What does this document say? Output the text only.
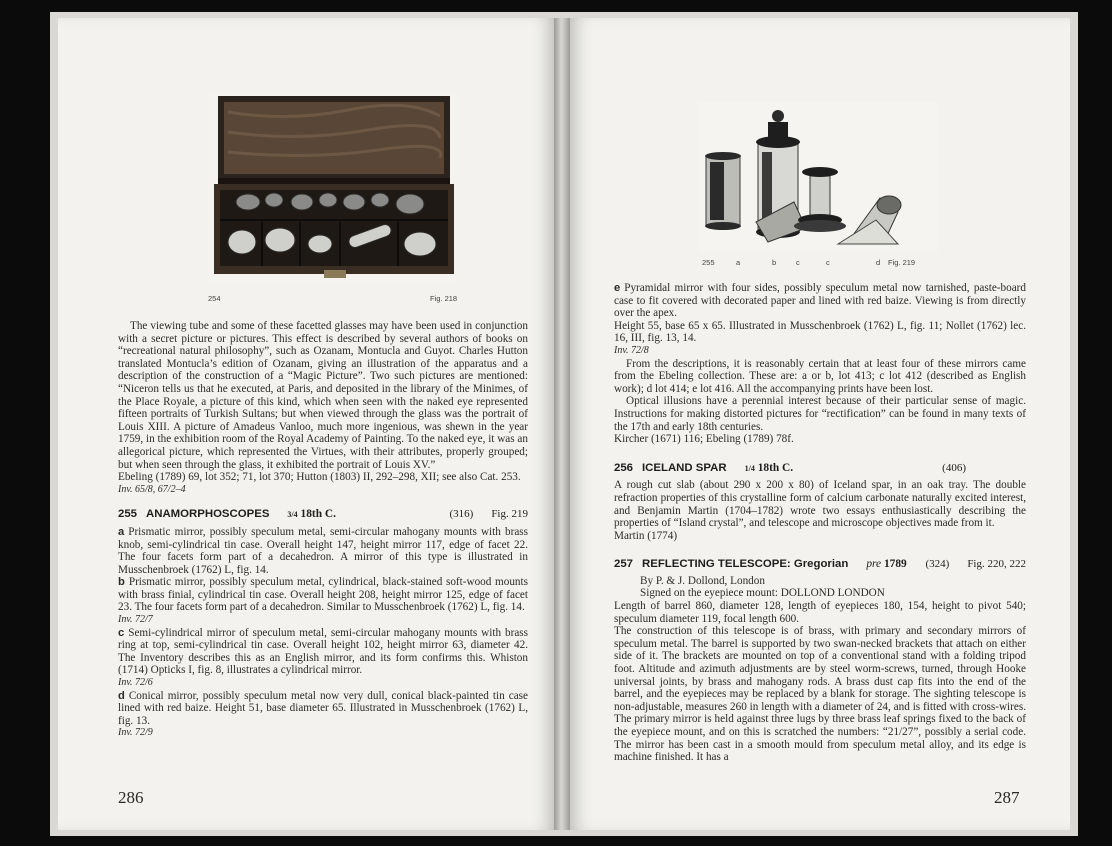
254	Fig. 218

The viewing tube and some of these facetted glasses may have been used in conjunction with a secret picture or pictures. This effect is described by several authors of books on “recreational natural philosophy”, such as Ozanam, Montucla and Guyot. Charles Hutton translated Montucla’s edition of Ozanam, giving an illustration of the apparatus and a description of the construction of a “Magic Picture”. Two such pictures are mentioned: “Niceron tells us that he executed, at Paris, and deposited in the library of the Minimes, of the Place Royale, a picture of this kind, which when seen with the naked eye represented fifteen portraits of Turkish Sultans; but when viewed through the glass was the portrait of Louis XIII. A picture of Amadeus Vanloo, much more ingenious, was shewn in the year 1759, in the exhibition room of the Royal Academy of Painting. To the naked eye, it was an allegorical picture, which represented the Virtues, with their attributes, properly grouped; but when seen through the glass, it exhibited the portrait of Louis XV.”

Ebeling (1789) 69, lot 352; 71, lot 370; Hutton (1803) II, 292–298, XII; see also Cat. 253.

Inv. 65/8, 67/2–4

255 ANAMORPHOSCOPES 3/4 18th C.	(316) Fig. 219

a Prismatic mirror, possibly speculum metal, semi-circular mahogany mounts with brass knob, semi-cylindrical tin case. Overall height 147, height mirror 117, edge of facet 22. The four facets form part of a decahedron. A mirror of this type is illustrated in Musschenbroek (1762) L, fig. 14.

b Prismatic mirror, possibly speculum metal, cylindrical, black-stained soft-wood mounts with brass finial, cylindrical tin case. Overall height 208, height mirror 125, edge of facet 23. The four facets form part of a decahedron. Similar to Musschenbroek (1762) L, fig. 14.

Inv. 72/7

c Semi-cylindrical mirror of speculum metal, semi-circular mahogany mounts with brass ring at top, semi-cylindrical tin case. Overall height 102, height mirror 63, diameter 42. The Inventory describes this as an English mirror, and its form confirms this. Whiston (1714) Opticks I, fig. 8, illustrates a cylindrical mirror.

Inv. 72/6

d Conical mirror, possibly speculum metal now very dull, conical black-painted tin case lined with red baize. Height 51, base diameter 65. Illustrated in Musschenbroek (1762) L, fig. 13.

Inv. 72/9

286
255	a	b	c	c	d Fig. 219

e Pyramidal mirror with four sides, possibly speculum metal now tarnished, paste-board case to fit covered with decorated paper and lined with red baize. Viewing is from directly over the apex.

Height 55, base 65 x 65. Illustrated in Musschenbroek (1762) L, fig. 11; Nollet (1762) lec. 16, III, fig. 13, 14.

Inv. 72/8

From the descriptions, it is reasonably certain that at least four of these mirrors came from the Ebeling collection. These are: a or b, lot 413; c lot 412 (described as English work); d lot 414; e lot 416. All the accompanying prints have been lost.

Optical illusions have a perennial interest because of their particular sense of magic. Instructions for making distorted pictures for “rectification” can be found in many texts of the 17th and early 18th centuries.

Kircher (1671) 116; Ebeling (1789) 78f.

256 ICELAND SPAR 1/4 18th C.	(406)

A rough cut slab (about 290 x 200 x 80) of Iceland spar, in an oak tray. The double refraction properties of this crystalline form of calcium carbonate naturally excited interest, and Benjamin Martin (1704–1782) wrote two essays enthusiastically describing the properties of “Island crystal”, and telescope and microscope objectives made from it.

Martin (1774)

257 REFLECTING TELESCOPE: Gregorian pre 1789 (324) Fig. 220, 222

By P. & J. Dollond, London

Signed on the eyepiece mount: DOLLOND LONDON

Length of barrel 860, diameter 128, length of eyepieces 180, 154, height to pivot 540; speculum diameter 119, focal length 600.

The construction of this telescope is of brass, with primary and secondary mirrors of speculum metal. The barrel is supported by two swan-necked brackets that attach on either side of it. The brackets are mounted on top of a conventional stand with a folding tripod foot. Altitude and azimuth adjustments are by steel worm-screws, turned, through Hooke universal joints, by brass and mahogany rods. A brass dust cap fits into the end of the barrel, and the eyepieces may be replaced by a blank for storage. The sighting telescope is non-adjustable, measures 260 in length with a diameter of 24, and is fitted with cross-wires. The primary mirror is held against three lugs by three brass leaf springs fixed to the back of the eyepiece mount, and on this is scratched the numbers: “21/27”, possibly a serial code. The mirror has been cast in a smooth mould from speculum metal alloy, and its edge is machine finished. It has a

287
